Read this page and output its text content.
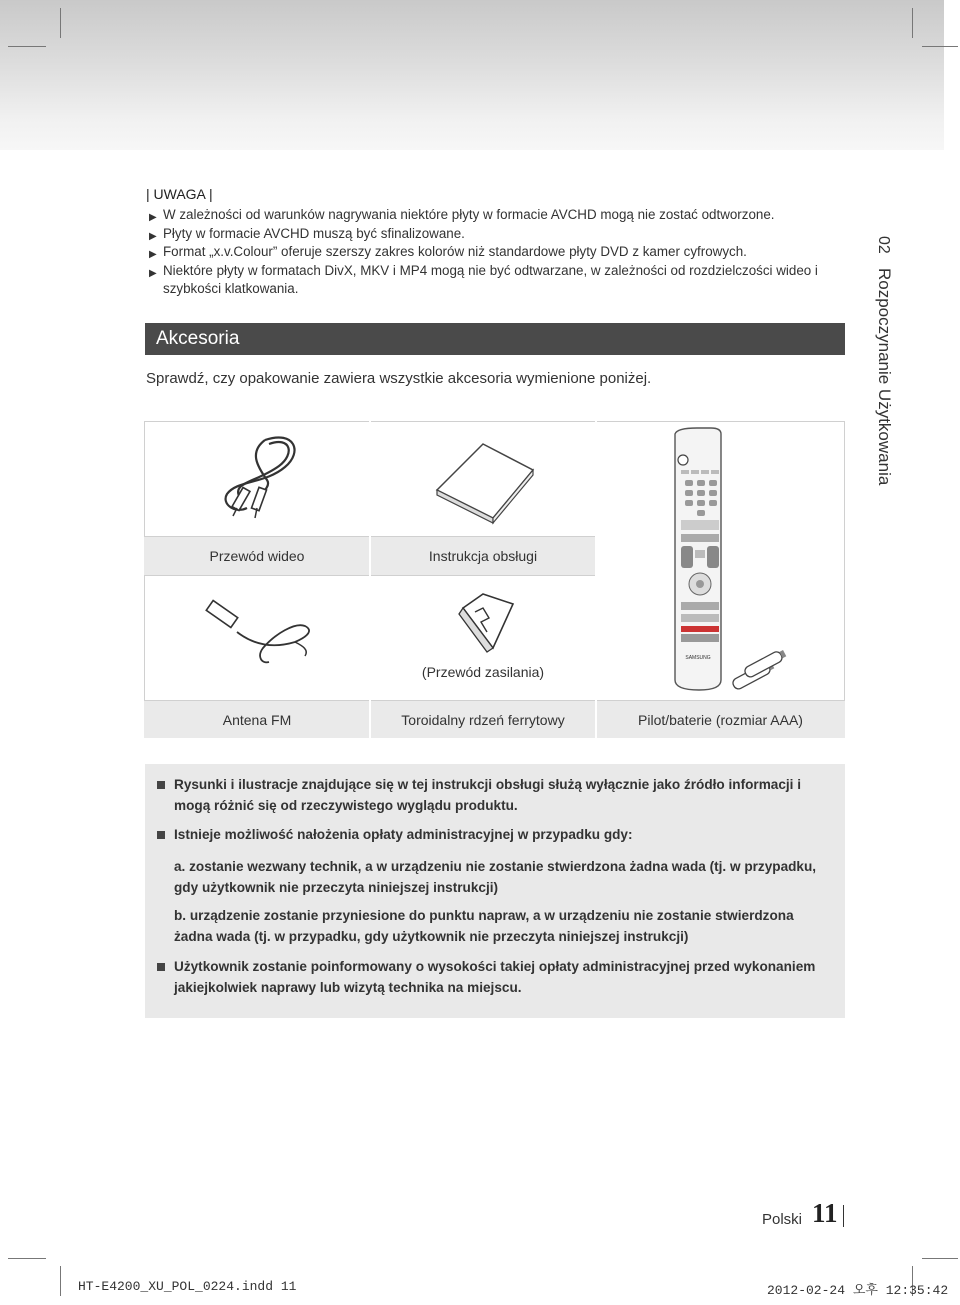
02   Rozpoczynanie Użytkowania
| UWAGA |
▶ W zależności od warunków nagrywania niektóre płyty w formacie AVCHD mogą nie zostać odtworzone.
▶ Płyty w formacie AVCHD muszą być sfinalizowane.
▶ Format „x.v.Colour” oferuje szerszy zakres kolorów niż standardowe płyty DVD z kamer cyfrowych.
▶ Niektóre płyty w formatach DivX, MKV i MP4 mogą nie być odtwarzane, w zależności od rozdzielczości wideo i szybkości klatkowania.
Akcesoria
Sprawdź, czy opakowanie zawiera wszystkie akcesoria wymienione poniżej.
Przewód wideo	Instrukcja obsługi
(Przewód zasilania)
SAMSUNG
Antena FM	Toroidalny rdzeń ferrytowy	Pilot/baterie (rozmiar AAA)
Rysunki i ilustracje znajdujące się w tej instrukcji obsługi służą wyłącznie jako źródło informacji i mogą różnić się od rzeczywistego wyglądu produktu.
Istnieje możliwość nałożenia opłaty administracyjnej w przypadku gdy:
a. zostanie wezwany technik, a w urządzeniu nie zostanie stwierdzona żadna wada (tj. w przypadku, gdy użytkownik nie przeczyta niniejszej instrukcji)
b. urządzenie zostanie przyniesione do punktu napraw, a w urządzeniu nie zostanie stwierdzona żadna wada (tj. w przypadku, gdy użytkownik nie przeczyta niniejszej instrukcji)
Użytkownik zostanie poinformowany o wysokości takiej opłaty administracyjnej przed wykonaniem jakiejkolwiek naprawy lub wizytą technika na miejscu.
Polski 11
HT-E4200_XU_POL_0224.indd 11	2012-02-24 오후 12:35:42
